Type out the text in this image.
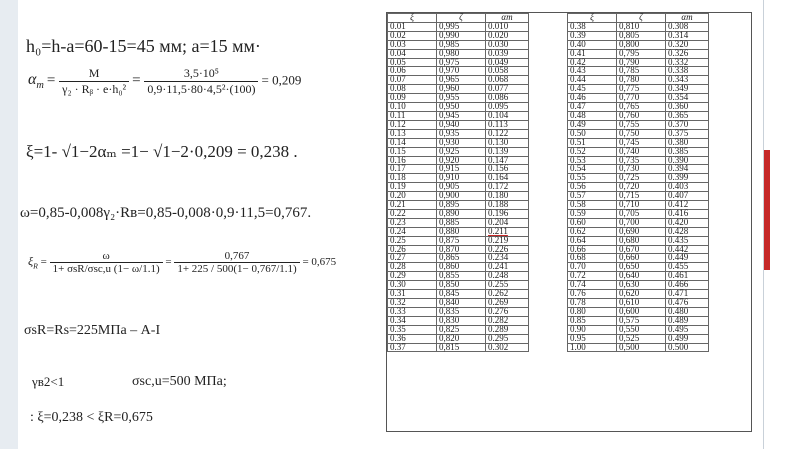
h₀=h-a=60-15=45 мм; a=15 мм·
$\alpha_m = \frac{M}{\text{γ₂ · Rᵦ · e·h₀²}} = \frac{\text{3,5·10⁵}}{\text{0,9·11,5·80·4,5²·(100)}} = 0,209$
ξ=1- √1−2αₘ =1− √1−2·0,209 = 0,238 .
ω=0,85-0,008γ₂·Rв=0,85-0,008·0,9·11,5=0,767.
$\xi_R = \frac{\omega}{\text{1+ σsR/σsc,u (1− ω/1.1)}} = \frac{0,767}{1+ 225 / 500(1- 0,767/1.1)} = 0,675$
σsR=Rs=225МПа – A-I
γв2<1	σsc,u=500 МПа;
: ξ=0,238 < ξR=0,675
ξ	ζ	αm		ξ	ζ	αm
0.01	0,995	0.010		0.38	0,810	0.308
0.02	0,990	0.020		0.39	0,805	0.314
0.03	0,985	0.030		0.40	0,800	0.320
0.04	0,980	0.039		0.41	0,795	0.326
0.05	0,975	0.049		0.42	0,790	0.332
0.06	0,970	0.058		0.43	0,785	0.338
0.07	0,965	0.068		0.44	0,780	0.343
0.08	0,960	0.077		0.45	0,775	0.349
0.09	0,955	0.086		0.46	0,770	0.354
0.10	0,950	0.095		0.47	0,765	0.360
0.11	0,945	0.104		0.48	0,760	0.365
0.12	0,940	0.113		0.49	0,755	0.370
0.13	0,935	0.122		0.50	0,750	0.375
0.14	0,930	0.130		0.51	0,745	0.380
0.15	0,925	0.139		0.52	0,740	0.385
0.16	0,920	0.147		0.53	0,735	0.390
0.17	0,915	0.156		0.54	0,730	0.394
0.18	0,910	0.164		0.55	0,725	0.399
0.19	0,905	0.172		0.56	0,720	0.403
0.20	0,900	0.180		0.57	0,715	0.407
0.21	0,895	0.188		0.58	0,710	0.412
0.22	0,890	0.196		0.59	0,705	0.416
0.23	0,885	0.204		0.60	0,700	0.420
0.24	0,880	0.211		0.62	0,690	0.428
0.25	0,875	0.219		0.64	0,680	0.435
0.26	0,870	0.226		0.66	0,670	0.442
0.27	0,865	0.234		0.68	0,660	0.449
0.28	0,860	0.241		0.70	0,650	0.455
0.29	0,855	0.248		0.72	0,640	0.461
0.30	0,850	0.255		0.74	0,630	0.466
0.31	0,845	0.262		0.76	0,620	0.471
0.32	0,840	0.269		0.78	0,610	0.476
0.33	0,835	0.276		0.80	0,600	0.480
0.34	0,830	0.282		0.85	0,575	0.489
0.35	0,825	0.289		0.90	0,550	0.495
0.36	0,820	0.295		0.95	0,525	0.499
0.37	0,815	0.302		1.00	0,500	0.500
